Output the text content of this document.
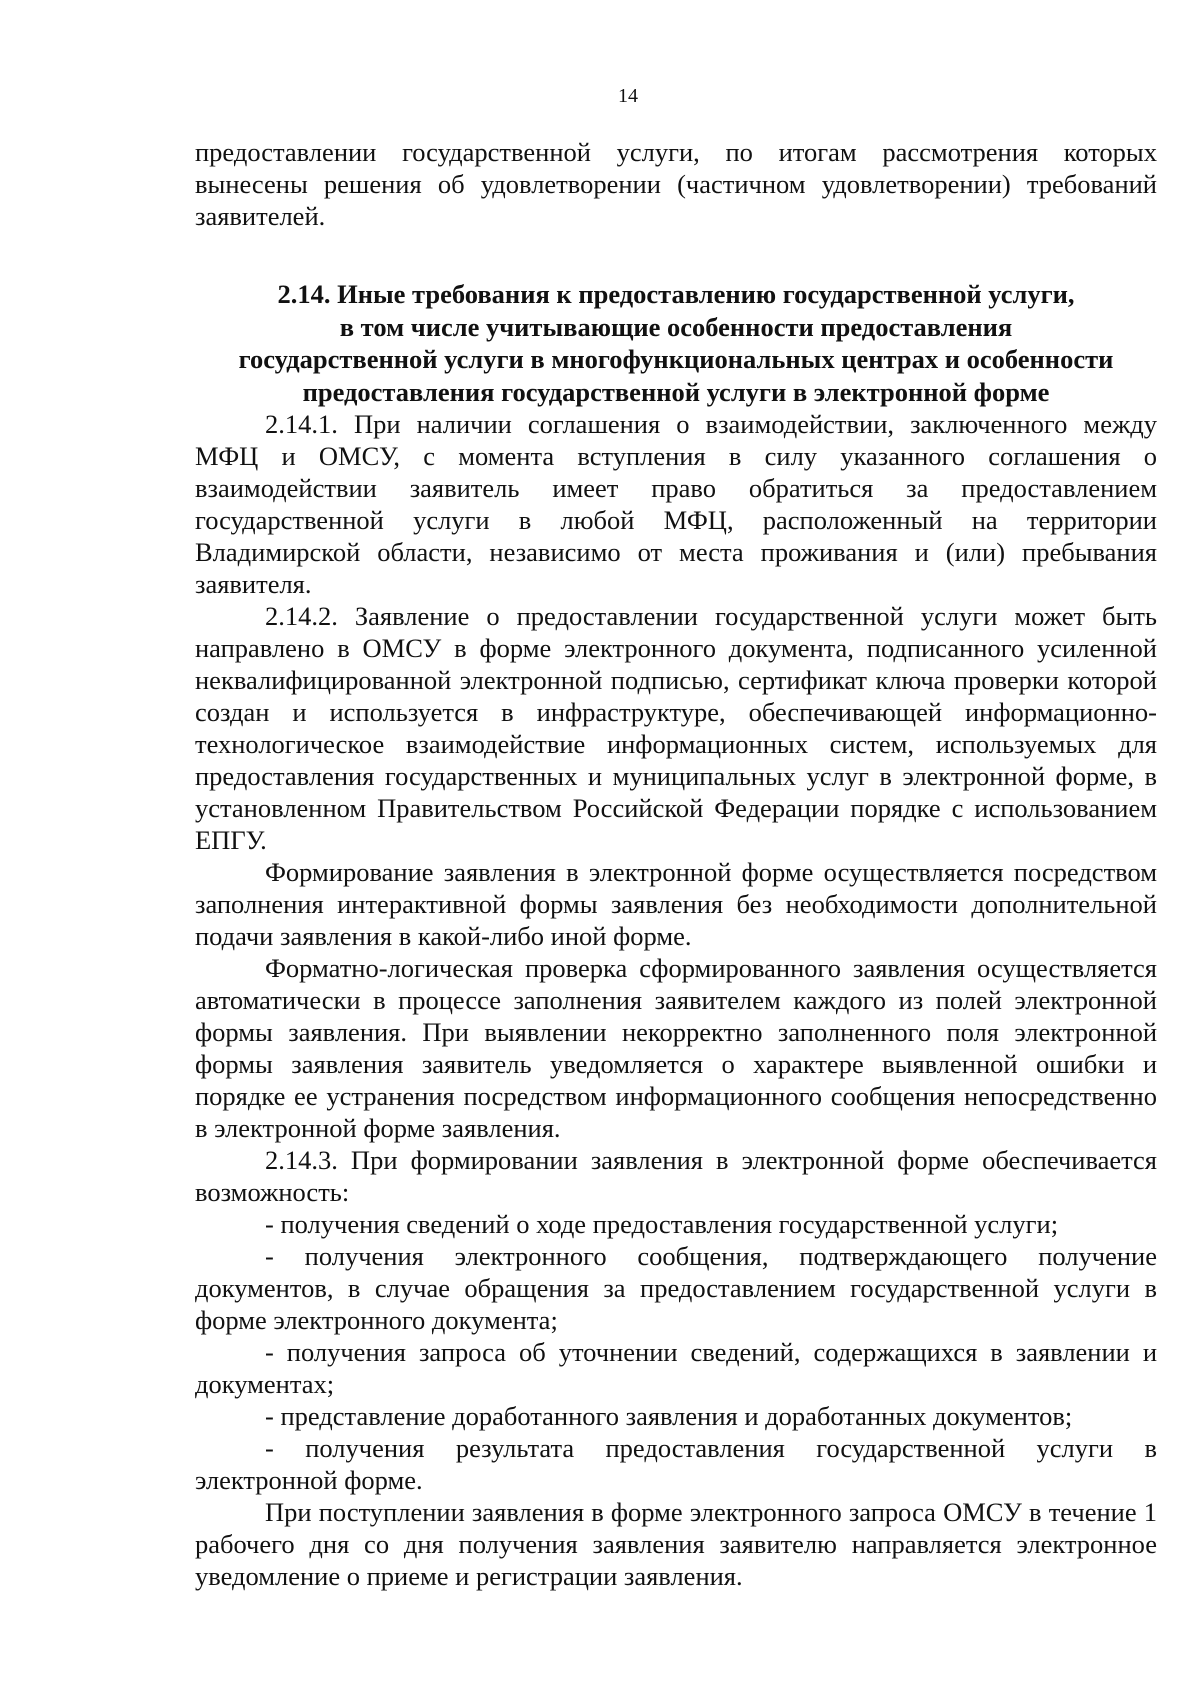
14

предоставлении государственной услуги, по итогам рассмотрения которых

вынесены решения об удовлетворении (частичном удовлетворении) требований

заявителей.

2.14. Иные требования к предоставлению государственной услуги,
в том числе учитывающие особенности предоставления
государственной услуги в многофункциональных центрах и особенности
предоставления государственной услуги в электронной форме

2.14.1. При наличии соглашения о взаимодействии, заключенного между МФЦ и ОМСУ, с момента вступления в силу указанного соглашения о взаимодействии заявитель имеет право обратиться за предоставлением государственной услуги в любой МФЦ, расположенный на территории Владимирской области, независимо от места проживания и (или) пребывания заявителя.

2.14.2. Заявление о предоставлении государственной услуги может быть направлено в ОМСУ в форме электронного документа, подписанного усиленной неквалифицированной электронной подписью, сертификат ключа проверки которой создан и используется в инфраструктуре, обеспечивающей информационно-технологическое взаимодействие информационных систем, используемых для предоставления государственных и муниципальных услуг в электронной форме, в установленном Правительством Российской Федерации порядке с использованием ЕПГУ.

Формирование заявления в электронной форме осуществляется посредством заполнения интерактивной формы заявления без необходимости дополнительной подачи заявления в какой-либо иной форме.

Форматно-логическая проверка сформированного заявления осуществляется автоматически в процессе заполнения заявителем каждого из полей электронной формы заявления. При выявлении некорректно заполненного поля электронной формы заявления заявитель уведомляется о характере выявленной ошибки и порядке ее устранения посредством информационного сообщения непосредственно в электронной форме заявления.

2.14.3. При формировании заявления в электронной форме обеспечивается возможность:

- получения сведений о ходе предоставления государственной услуги;

- получения электронного сообщения, подтверждающего получение документов, в случае обращения за предоставлением государственной услуги в форме электронного документа;

- получения запроса об уточнении сведений, содержащихся в заявлении и документах;

- представление доработанного заявления и доработанных документов;

- получения результата предоставления государственной услуги в электронной форме.

При поступлении заявления в форме электронного запроса ОМСУ в течение 1 рабочего дня со дня получения заявления заявителю направляется электронное уведомление о приеме и регистрации заявления.
